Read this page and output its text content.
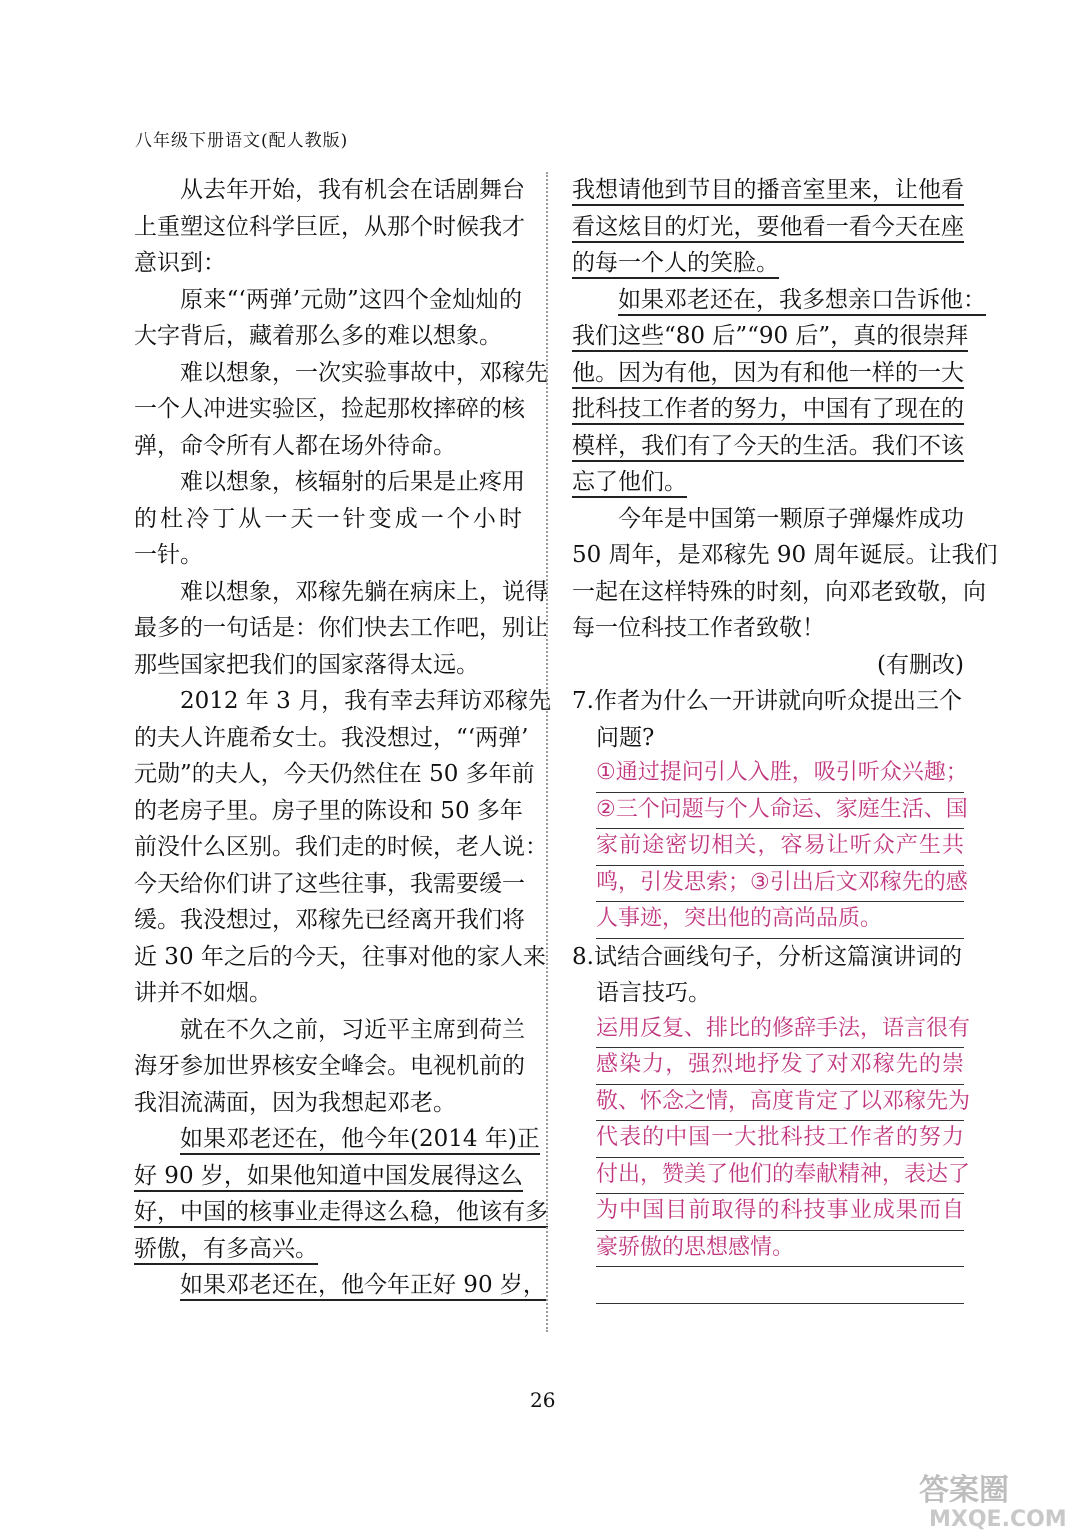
八年级下册语文(配人教版)
从去年开始，我有机会在话剧舞台
上重塑这位科学巨匠，从那个时候我才
意识到：
原来“‘两弹’元勋”这四个金灿灿的
大字背后，藏着那么多的难以想象。
难以想象，一次实验事故中，邓稼先
一个人冲进实验区，捡起那枚摔碎的核
弹，命令所有人都在场外待命。
难以想象，核辐射的后果是止疼用
的杜冷丁从一天一针变成一个小时
一针。
难以想象，邓稼先躺在病床上，说得
最多的一句话是：你们快去工作吧，别让
那些国家把我们的国家落得太远。
2012 年 3 月，我有幸去拜访邓稼先
的夫人许鹿希女士。我没想过，“‘两弹’
元勋”的夫人，今天仍然住在 50 多年前
的老房子里。房子里的陈设和 50 多年
前没什么区别。我们走的时候，老人说：
今天给你们讲了这些往事，我需要缓一
缓。我没想过，邓稼先已经离开我们将
近 30 年之后的今天，往事对他的家人来
讲并不如烟。
就在不久之前，习近平主席到荷兰
海牙参加世界核安全峰会。电视机前的
我泪流满面，因为我想起邓老。
如果邓老还在，他今年(2014 年)正
好 90 岁，如果他知道中国发展得这么
好，中国的核事业走得这么稳，他该有多
骄傲，有多高兴。
如果邓老还在，他今年正好 90 岁，
我想请他到节目的播音室里来，让他看
看这炫目的灯光，要他看一看今天在座
的每一个人的笑脸。
如果邓老还在，我多想亲口告诉他：
我们这些“80 后”“90 后”，真的很崇拜
他。因为有他，因为有和他一样的一大
批科技工作者的努力，中国有了现在的
模样，我们有了今天的生活。我们不该
忘了他们。
今年是中国第一颗原子弹爆炸成功
50 周年，是邓稼先 90 周年诞辰。让我们
一起在这样特殊的时刻，向邓老致敬，向
每一位科技工作者致敬！
(有删改)
7.作者为什么一开讲就向听众提出三个
问题?
①通过提问引人入胜，吸引听众兴趣；
②三个问题与个人命运、家庭生活、国
家前途密切相关，容易让听众产生共
鸣，引发思索；③引出后文邓稼先的感
人事迹，突出他的高尚品质。
8.试结合画线句子，分析这篇演讲词的
语言技巧。
运用反复、排比的修辞手法，语言很有
感染力，强烈地抒发了对邓稼先的崇
敬、怀念之情，高度肯定了以邓稼先为
代表的中国一大批科技工作者的努力
付出，赞美了他们的奉献精神，表达了
为中国目前取得的科技事业成果而自
豪骄傲的思想感情。
26
答案圈
MXQE.COM
